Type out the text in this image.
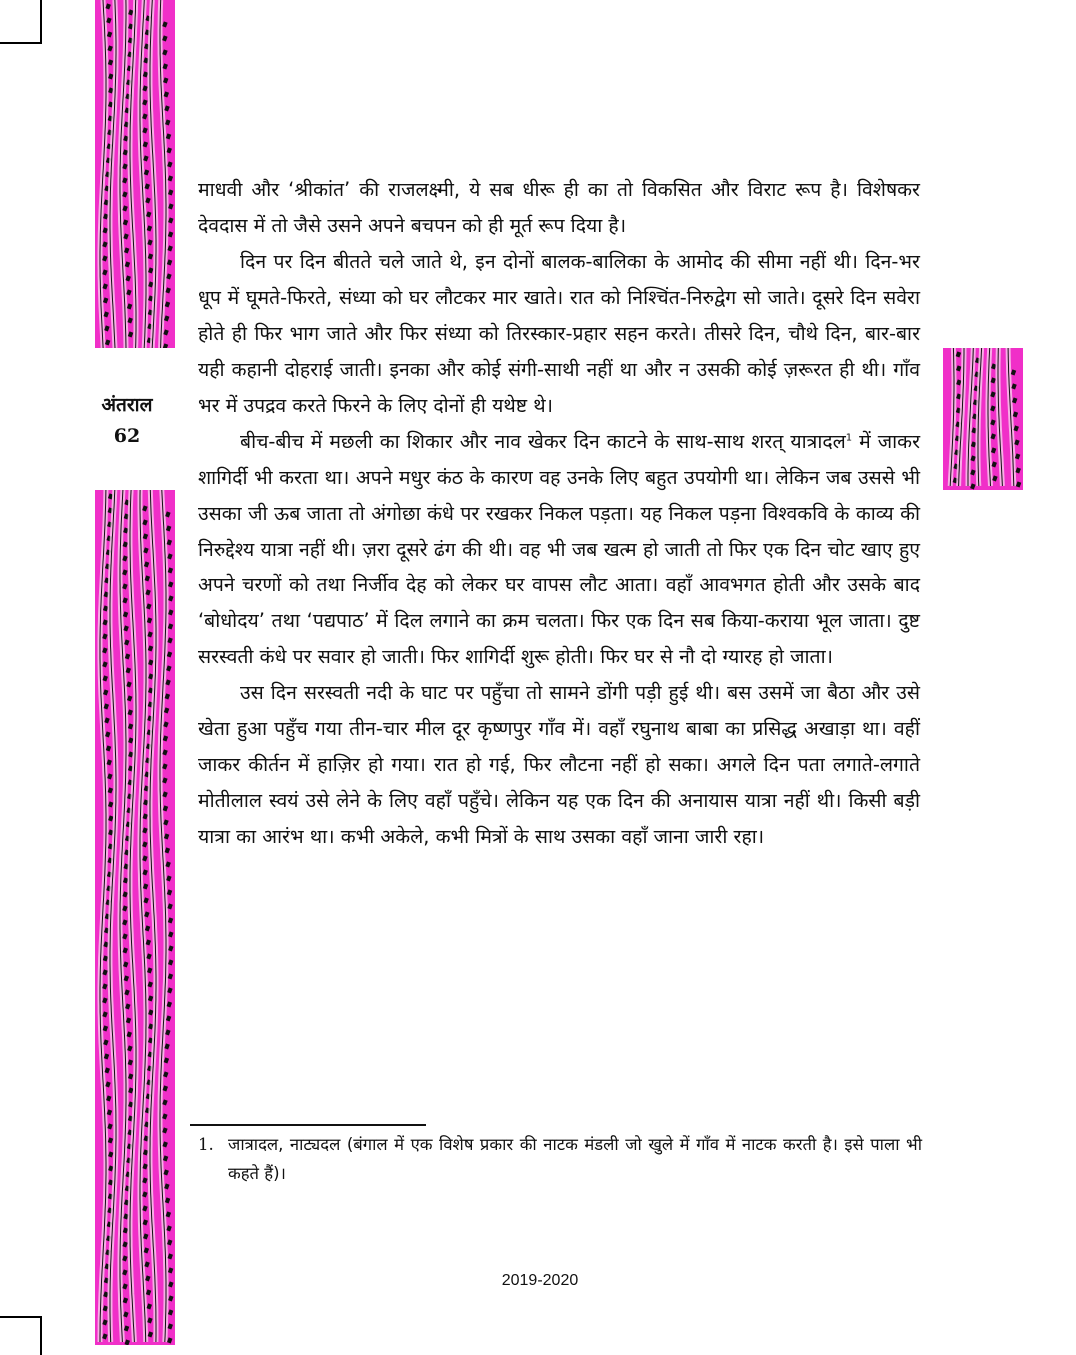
अंतराल
62

माधवी और ‘श्रीकांत’ की राजलक्ष्मी, ये सब धीरू ही का तो विकसित और विराट रूप है। विशेषकर देवदास में तो जैसे उसने अपने बचपन को ही मूर्त रूप दिया है।

दिन पर दिन बीतते चले जाते थे, इन दोनों बालक-बालिका के आमोद की सीमा नहीं थी। दिन-भर धूप में घूमते-फिरते, संध्या को घर लौटकर मार खाते। रात को निश्चिंत-निरुद्वेग सो जाते। दूसरे दिन सवेरा होते ही फिर भाग जाते और फिर संध्या को तिरस्कार-प्रहार सहन करते। तीसरे दिन, चौथे दिन, बार-बार यही कहानी दोहराई जाती। इनका और कोई संगी-साथी नहीं था और न उसकी कोई ज़रूरत ही थी। गाँव भर में उपद्रव करते फिरने के लिए दोनों ही यथेष्ट थे।

बीच-बीच में मछली का शिकार और नाव खेकर दिन काटने के साथ-साथ शरत् यात्रादल$^1$ में जाकर शागिर्दी भी करता था। अपने मधुर कंठ के कारण वह उनके लिए बहुत उपयोगी था। लेकिन जब उससे भी उसका जी ऊब जाता तो अंगोछा कंधे पर रखकर निकल पड़ता। यह निकल पड़ना विश्वकवि के काव्य की निरुद्देश्य यात्रा नहीं थी। ज़रा दूसरे ढंग की थी। वह भी जब खत्म हो जाती तो फिर एक दिन चोट खाए हुए अपने चरणों को तथा निर्जीव देह को लेकर घर वापस लौट आता। वहाँ आवभगत होती और उसके बाद ‘बोधोदय’ तथा ‘पद्यपाठ’ में दिल लगाने का क्रम चलता। फिर एक दिन सब किया-कराया भूल जाता। दुष्ट सरस्वती कंधे पर सवार हो जाती। फिर शागिर्दी शुरू होती। फिर घर से नौ दो ग्यारह हो जाता।

उस दिन सरस्वती नदी के घाट पर पहुँचा तो सामने डोंगी पड़ी हुई थी। बस उसमें जा बैठा और उसे खेता हुआ पहुँच गया तीन-चार मील दूर कृष्णपुर गाँव में। वहाँ रघुनाथ बाबा का प्रसिद्ध अखाड़ा था। वहीं जाकर कीर्तन में हाज़िर हो गया। रात हो गई, फिर लौटना नहीं हो सका। अगले दिन पता लगाते-लगाते मोतीलाल स्वयं उसे लेने के लिए वहाँ पहुँचे। लेकिन यह एक दिन की अनायास यात्रा नहीं थी। किसी बड़ी यात्रा का आरंभ था। कभी अकेले, कभी मित्रों के साथ उसका वहाँ जाना जारी रहा।

1. जात्रादल, नाट्यदल (बंगाल में एक विशेष प्रकार की नाटक मंडली जो खुले में गाँव में नाटक करती है। इसे पाला भी कहते हैं)।
2019-2020
